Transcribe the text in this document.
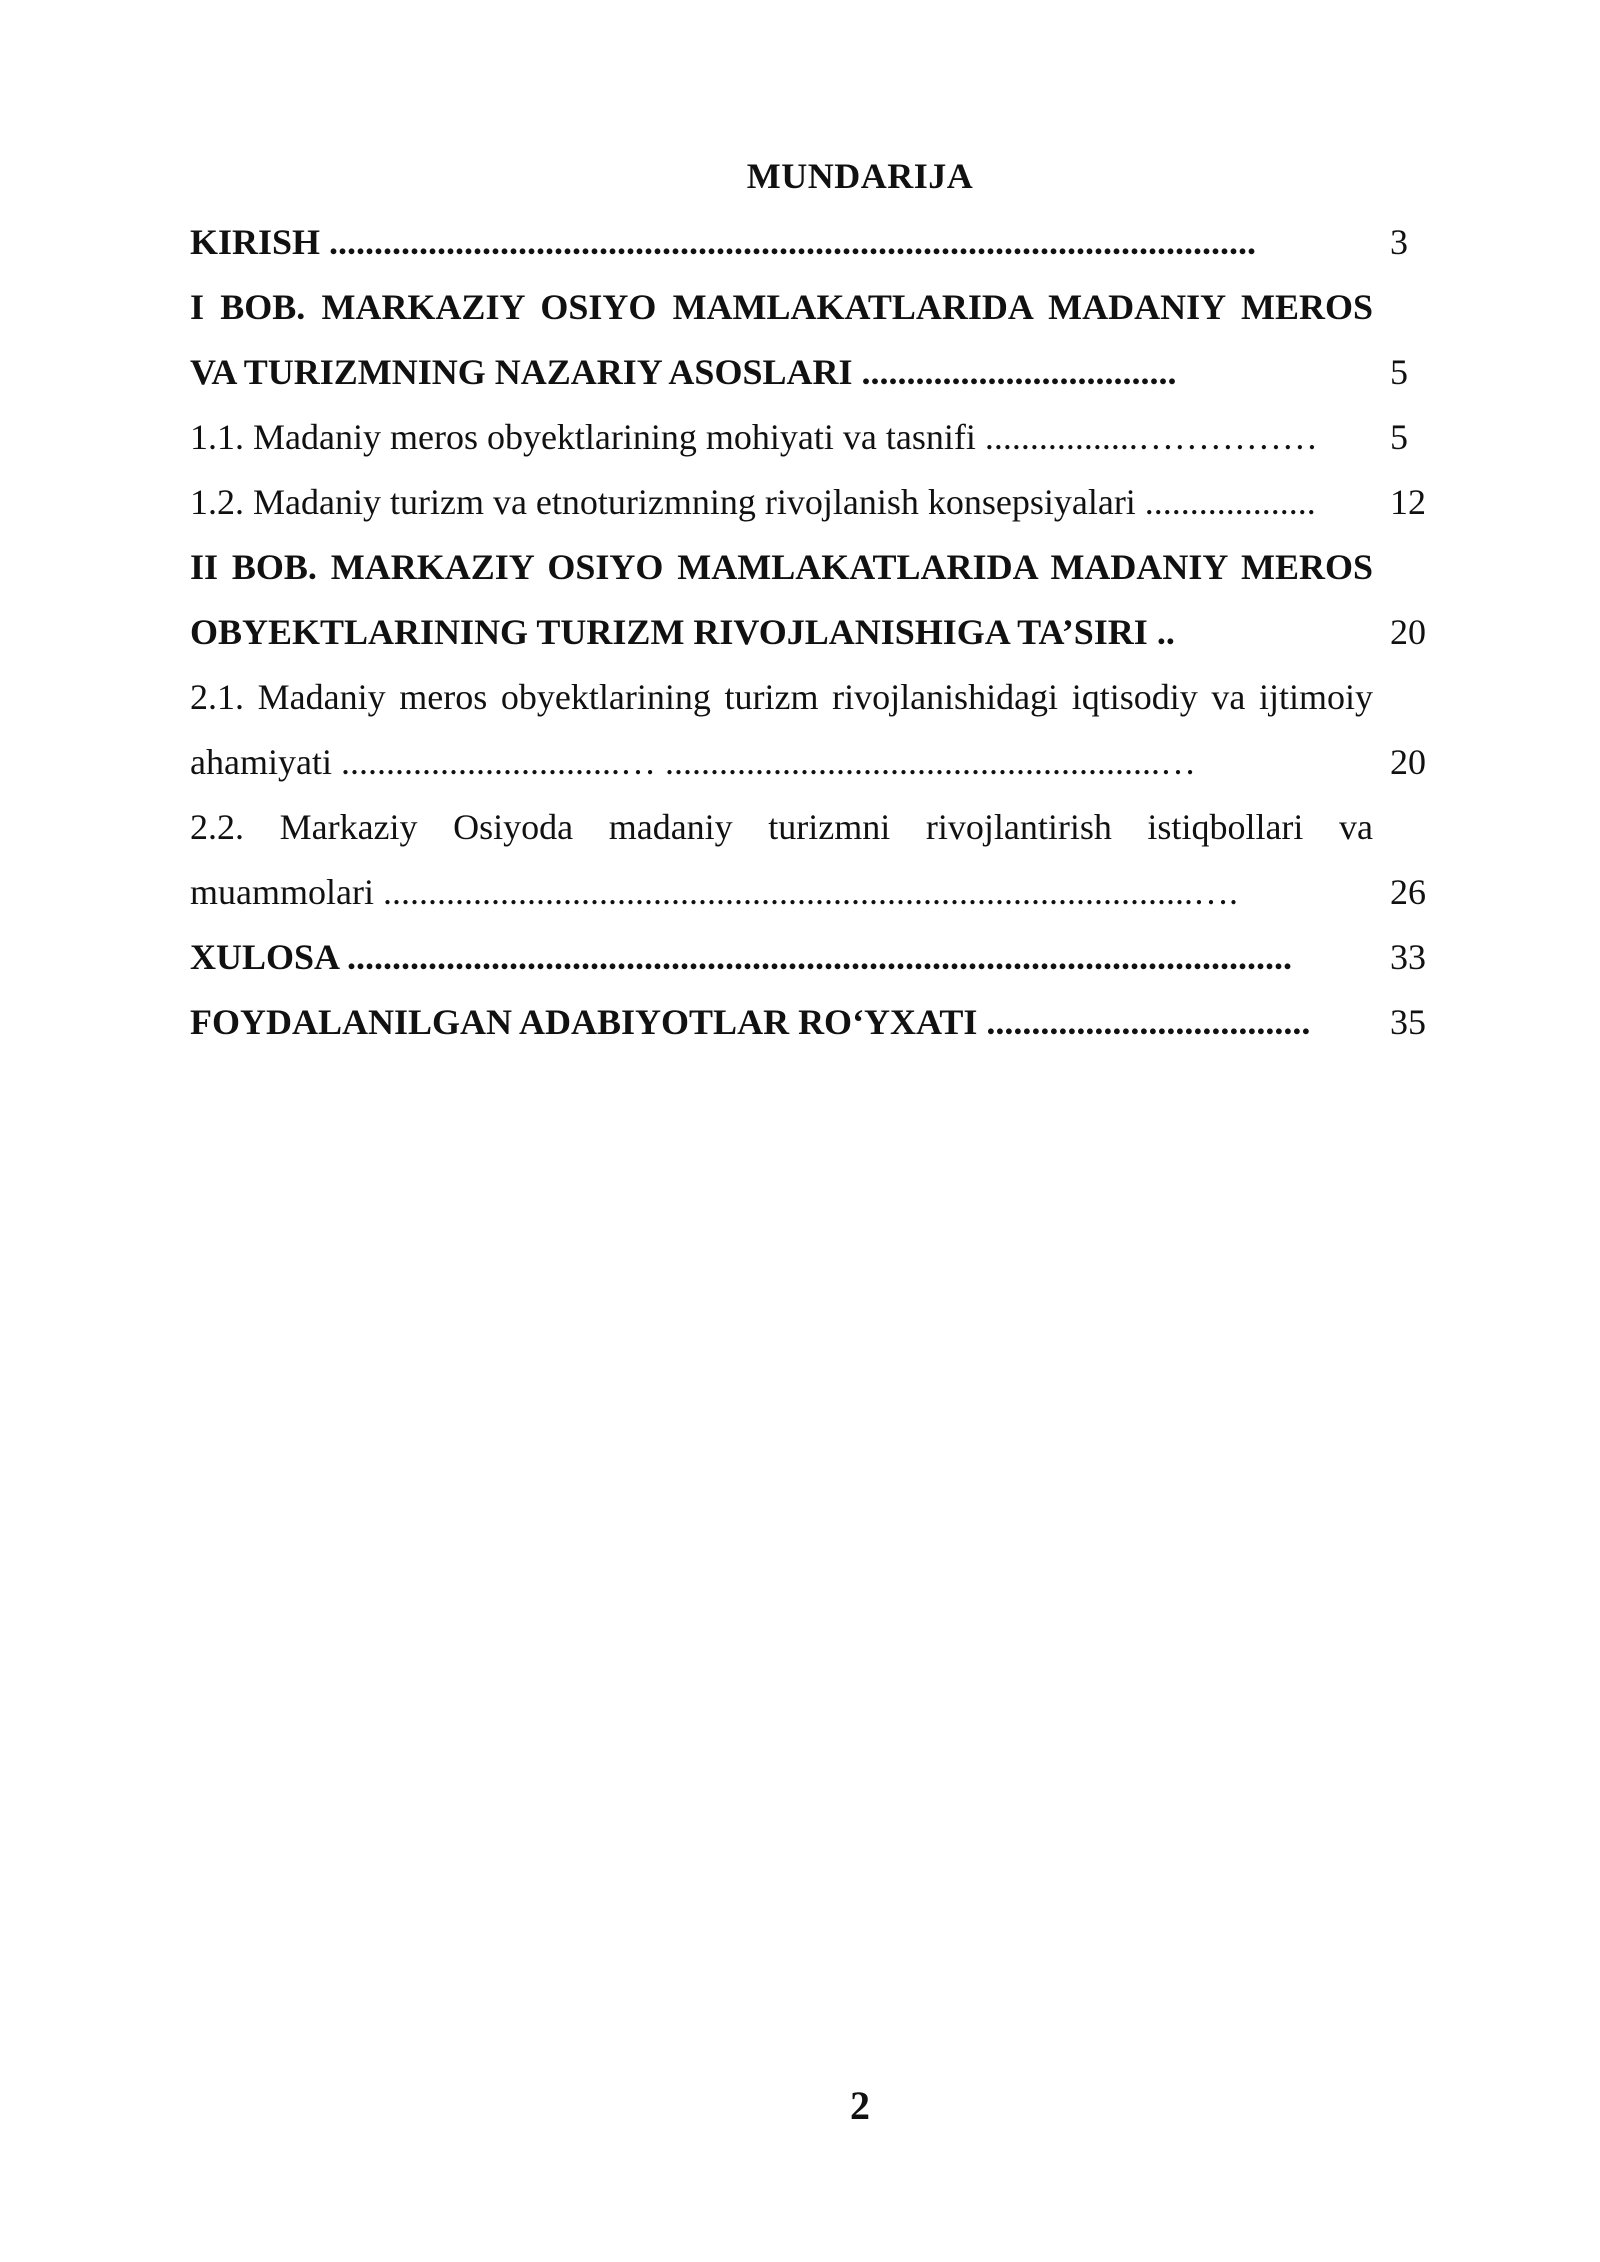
MUNDARIJA
KIRISH .......................................................................................................	3
I BOB. MARKAZIY OSIYO MAMLAKATLARIDA MADANIY MEROS VA TURIZMNING NAZARIY ASOSLARI ...................................	5
1.1. Madaniy meros obyektlarining mohiyati va tasnifi .................……………	5
1.2. Madaniy turizm va etnoturizmning rivojlanish konsepsiyalari ...................	12
II BOB. MARKAZIY OSIYO MAMLAKATLARIDA MADANIY MEROS OBYEKTLARINING TURIZM RIVOJLANISHIGA TA’SIRI ..	20
2.1. Madaniy meros obyektlarining turizm rivojlanishidagi iqtisodiy va ijtimoiy ahamiyati ...............................… .......................................................…	20
2.2. Markaziy Osiyoda madaniy turizmni rivojlantirish istiqbollari va muammolari ..........................................................................................….	26
XULOSA .........................................................................................................	33
FOYDALANILGAN ADABIYOTLAR RO‘YXATI ....................................	35
2
